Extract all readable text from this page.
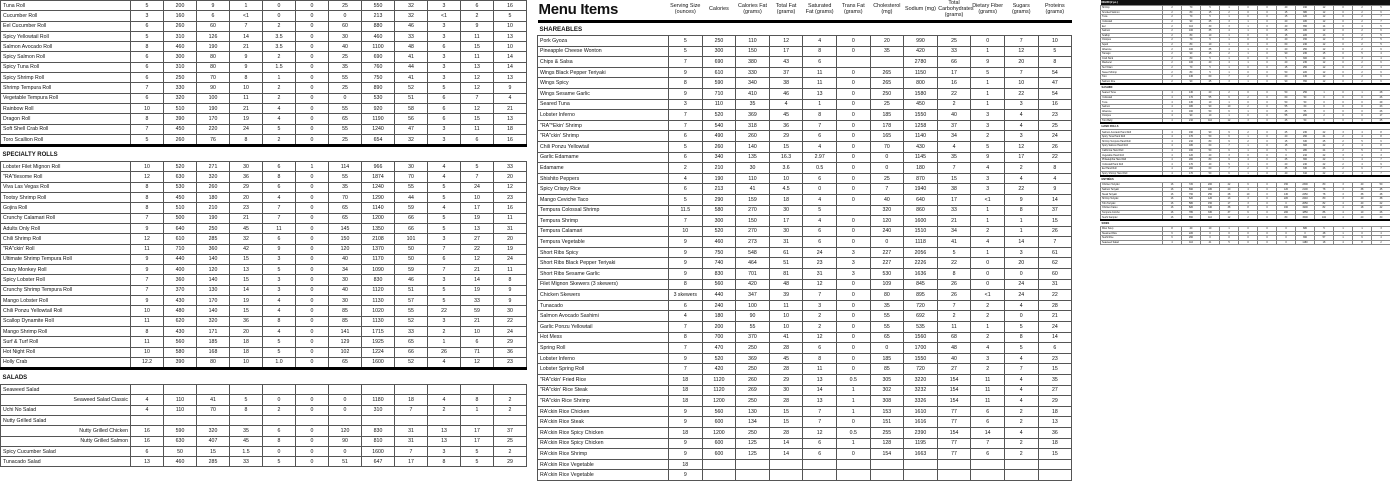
Tuna Roll	5	200	9	1	0	0	25	550	32	3	6	16
Cucumber Roll	3	160	6	<1	0	0	0	213	32	<1	2	5
Eel Cucumber Roll	6	260	60	7	2	0	60	880	46	3	9	10
Spicy Yellowtail Roll	5	310	126	14	3.5	0	30	460	33	3	11	13
Salmon Avocado Roll	8	460	190	21	3.5	0	40	1100	48	6	15	10
Spicy Salmon Roll	6	300	80	9	2	0	25	690	41	3	11	14
Spicy Tuna Roll	6	310	80	9	1.5	0	35	760	44	3	13	14
Spicy Shrimp Roll	6	250	70	8	1	0	55	750	41	3	12	13
Shrimp Tempura Roll	7	330	90	10	2	0	25	890	52	5	12	9
Vegetable Tempura Roll	6	320	100	11	2	0	0	530	51	6	7	4
Rainbow Roll	10	510	190	21	4	0	55	920	58	6	12	21
Dragon Roll	8	390	170	19	4	0	65	1190	56	6	15	13
Soft Shell Crab Roll	7	450	220	24	5	0	55	1240	47	3	11	18
Toro Scallion Roll	5	260	76	8	2	0	25	654	32	3	6	16
SPECIALTY ROLLS												
Lobster Filet Mignon Roll	10	520	271	30	6	1	114	966	30	4	5	33
"RA"tlesome Roll	12	630	320	36	8	0	55	1874	70	4	7	20
Viva Las Vegas Roll	8	530	260	29	6	0	35	1240	55	5	24	12
Tootsy Shrimp Roll	8	450	180	20	4	0	70	1290	44	5	10	23
Gojira Roll	8	510	210	23	7	0	65	1140	59	4	17	16
Crunchy Calamari Roll	7	500	190	21	7	0	65	1200	66	5	19	11
Adults Only Roll	9	640	250	45	11	0	145	1350	66	5	13	31
Chili Shrimp Roll	12	610	285	32	6	0	150	2108	101	3	27	20
"RA"ckin' Roll	11	710	360	42	9	0	120	1370	50	7	22	19
Ultimate Shrimp Tempura Roll	9	440	140	15	3	0	40	1170	50	6	12	24
Crazy Monkey Roll	9	400	120	13	5	0	34	1090	59	7	21	11
Spicy Lobster Roll	7	360	140	15	3	0	30	830	46	3	14	8
Crunchy Shrimp Tempura Roll	7	370	130	14	3	0	40	1120	51	5	19	9
Mango Lobster Roll	9	430	170	19	4	0	30	1130	57	5	33	9
Chili Ponzu Yellowtail Roll	10	480	140	15	4	0	85	1020	55	22	59	30
Scallop Dynamite Roll	11	620	320	36	8	0	85	1130	52	3	21	22
Mango Shrimp Roll	8	430	171	20	4	0	141	1715	33	2	10	24
Surf & Turf Roll	11	560	185	18	5	0	129	1925	65	1	6	29
Hot Night Roll	10	580	168	18	5	0	102	1224	66	26	71	36
Holly Crab	12.2	390	80	10	1.0	0	65	1600	52	4	12	23
SALADS												
Seaweed Salad												
Seaweed Salad Classic	4	110	41	5	0	0	0	1180	18	4	8	2
Uchi No Salad	4	110	70	8	2	0	0	310	7	2	1	2
Nutty Grilled Salad												
Nutty Grilled Chicken	16	590	320	35	6	0	120	830	31	13	17	37
Nutty Grilled Salmon	16	630	407	45	8	0	90	810	31	13	17	25
Spicy Cucumber Salad	6	50	15	1.5	0	0	0	1600	7	3	5	2
Tunacado Salad	13	460	285	33	5	0	51	647	17	8	5	29
Menu Items	Serving Size (ounces)	Calories	Calories Fat (grams)	Total Fat (grams)	Saturated Fat (grams)	Trans Fat (grams)	Cholesterol (mg)	Sodium (mg)	Total Carbohydrates (grams)	Dietary Fiber (grams)	Sugars (grams)	Proteins (grams)
SHAREABLES												
Pork Gyoza	5	250	110	12	4	0	20	990	25	0	7	10
Pineapple Cheese Wonton	5	300	150	17	8	0	35	420	33	1	12	5
Chips & Salsa	7	690	380	43	6			2780	66	9	20	8
Wings Black Pepper Teriyaki	9	610	330	37	11	0	265	1150	17	5	7	54
Wings Spicy	8	590	340	38	11	0	265	800	16	1	10	47
Wings Sesame Garlic	9	710	410	46	13	0	250	1580	22	1	22	54
Seared Tuna	3	110	35	4	1	0	25	450	2	1	3	16
Lobster Inferno	7	520	369	45	8	0	185	1550	40	3	4	23
"RA"*Ekin' Shrimp	7	540	318	36	7	0	178	1258	37	3	4	25
"RA"ckin' Shrimp	6	490	260	29	6	0	165	1140	34	2	3	24
Chili Ponzu Yellowtail	5	260	140	15	4	0	70	430	4	5	12	26
Garlic Edamame	6	340	135	16.3	2.97	0	0	1145	35	9	17	22
Edamame	2	210	30	3.6	0.5	0	0	180	7	4	2	8
Shishito Peppers	4	190	110	10	6	0	25	870	15	3	4	4
Spicy Crispy Rice	6	213	41	4.5	0	0	7	1940	38	3	22	9
Mango Ceviche Taco	5	290	159	18	4	0	40	640	17	<1	9	14
Tempura Colossal Shrimp	11.5	580	270	30	5		320	860	33	1	8	37
Tempura Shrimp	7	300	150	17	4	0	120	1600	21	1	1	15
Tempura Calamari	10	520	270	30	6	0	240	1510	34	2	1	26
Tempura Vegetable	9	460	273	31	6	0	0	1118	41	4	14	7
Short Ribs Spicy	9	750	548	61	24	3	227	2056	5	1	3	61
Short Ribs Black Pepper Teriyaki	9	740	464	51	23	3	227	2226	22	0	20	62
Short Ribs Sesame Garlic	9	830	701	81	31	3	530	1636	8	0	0	60
Filet Mignon Skewers (3 skewers)	8	560	420	48	12	0	109	845	26	0	24	31
Chicken Skewers	3 skewers	440	347	39	7	0	80	895	26	<1	24	22
Tunacado	6	240	100	11	3	0	35	720	7	2	4	28
Salmon Avocado Sashimi	4	180	90	10	2	0	55	692	2	2	0	21
Garlic Ponzu Yellowtail	7	200	55	10	2	0	55	535	11	1	5	24
Hot Mess	8	700	370	41	12	0	65	1560	68	2	8	14
Spring Roll	7	470	250	28	6	0	0	1700	48	4	5	6
Lobster Inferno	9	520	369	45	8	0	185	1550	40	3	4	23
Lobster Spring Roll	7	420	250	28	11	0	85	720	27	2	7	15
"RA"ckin' Fried Rice	18	1120	260	29	13	0.5	305	3220	154	11	4	35
"RA"ckin' Rice Steak	18	1120	269	30	14	1	302	3232	154	11	4	27
"RA"ckin Rice Shrimp	18	1200	250	28	13	1	308	3326	154	11	4	29
RA'ckin Rice Chicken	9	560	130	15	7	1	153	1610	77	6	2	18
RA'ckin Rice Steak	9	600	134	15	7	0	151	1616	77	6	2	13
RA'ckin Rice Spicy Chicken	18	1200	250	28	12	0.5	255	2390	154	14	4	36
RA'ckin Rice Spicy Chicken	9	600	125	14	6	1	128	1195	77	7	2	18
RA'ckin Rice Shrimp	9	600	125	14	6	0	154	1663	77	6	2	15
RA'ckin Rice Vegetable	18											
RA'ckin Rice Vegetable	9											
NIGIRI (2 pc.)												
Shrimp	2	70	5	1	0	0	40	190	12	0	2	5
Smoked Salmon	2	80	15	2	0	0	15	380	12	0	2	6
Tuna	2	70	5	1	0	0	15	120	12	0	2	7
Yellowtail	2	90	25	3	1	0	20	180	12	0	2	7
Eel	2	110	30	3	1	0	40	350	14	0	4	5
Salmon	2	100	35	4	1	0	25	180	12	0	2	6
Scallop	2	80	10	1	0	0	15	220	13	0	2	5
Octopus	2	70	5	1	0	0	20	150	12	0	2	5
Squid	2	80	10	1	0	0	60	240	12	0	2	5
Albacore	2	100	35	4	1	0	20	250	12	0	2	6
Tamago	2	90	15	2	1	0	90	230	15	0	5	4
Crab Stick	2	80	5	1	0	0	5	300	14	0	3	4
Mackerel	2	100	40	4	1	0	20	230	12	0	2	6
Surf Clam	2	70	5	1	0	0	15	250	12	0	2	4
Sweet Shrimp	2	80	5	1	0	0	50	220	12	0	2	6
Toro	2	130	60	7	2	0	20	130	12	0	2	6
Salmon Roe	2	90	25	3	1	0	90	350	12	0	2	6
SASHIMI												
Seared Tuna	4	130	20	2	0	0	50	250	1	0	1	28
Yellowtail	4	170	55	6	2	0	60	50	0	0	0	26
Tuna	4	130	10	1	0	0	50	50	0	0	0	29
Salmon	4	180	90	10	2	0	55	60	0	0	0	23
Albacore	4	160	50	6	1	0	45	55	0	0	0	26
Octopus	4	90	10	1	0	0	55	260	2	0	0	17
Toro Belly	4	210	110	12	3	0	45	50	0	0	0	25
HAND ROLLS												
Salmon Avocado Hand Roll	4	190	90	9	2	0	25	230	22	3	4	8
Spicy Tuna Hand Roll	4	170	50	6	1	0	20	290	21	2	4	8
Shrimp Tempura Hand Roll	4	210	80	9	2	0	15	330	25	2	5	6
Spicy Salmon Hand Roll	4	180	60	7	1	0	15	300	22	2	4	8
California Hand Roll	4	160	50	6	1	0	5	280	24	2	5	4
Vegetable Hand Roll	4	120	20	3	0	0	0	210	22	3	4	3
Philadelphia Hand Roll	4	200	80	9	4	0	25	360	22	1	4	7
Yellowtail Hand Roll	4	170	40	5	1	0	20	240	22	2	4	9
Eel Hand Roll	4	200	60	7	2	0	35	330	26	2	6	7
Spicy Shrimp Hand Roll	4	170	50	6	1	0	40	310	22	2	4	7
ENTRÉES												
Chicken Teriyaki	16	720	200	22	6	0	150	2300	80	3	40	50
Salmon Teriyaki	16	690	180	20	4	0	120	2100	78	3	38	45
Steak Teriyaki	16	760	250	28	10	0	130	2250	78	3	38	48
Shrimp Teriyaki	16	620	120	13	3	0	220	2240	80	3	40	38
Tofu Teriyaki	16	580	150	17	3	0	0	2050	82	4	40	22
Chicken Katsu	16	820	340	38	8	0	160	1900	82	4	18	42
Tempura Combo	16	780	330	37	6	0	200	1850	86	4	10	26
Sushi Sampler	16	650	110	12	2	0	80	1500	102	4	20	30
SIDES												
Miso Soup	8	40	10	1	0	0	0	680	5	1	1	3
Steamed Rice	6	220	0	0	0	0	0	0	48	1	0	4
Sushi Rice	6	260	0	0	0	0	0	360	57	1	6	4
Seaweed Salad	4	110	41	5	0	0	0	1180	18	4	8	2
